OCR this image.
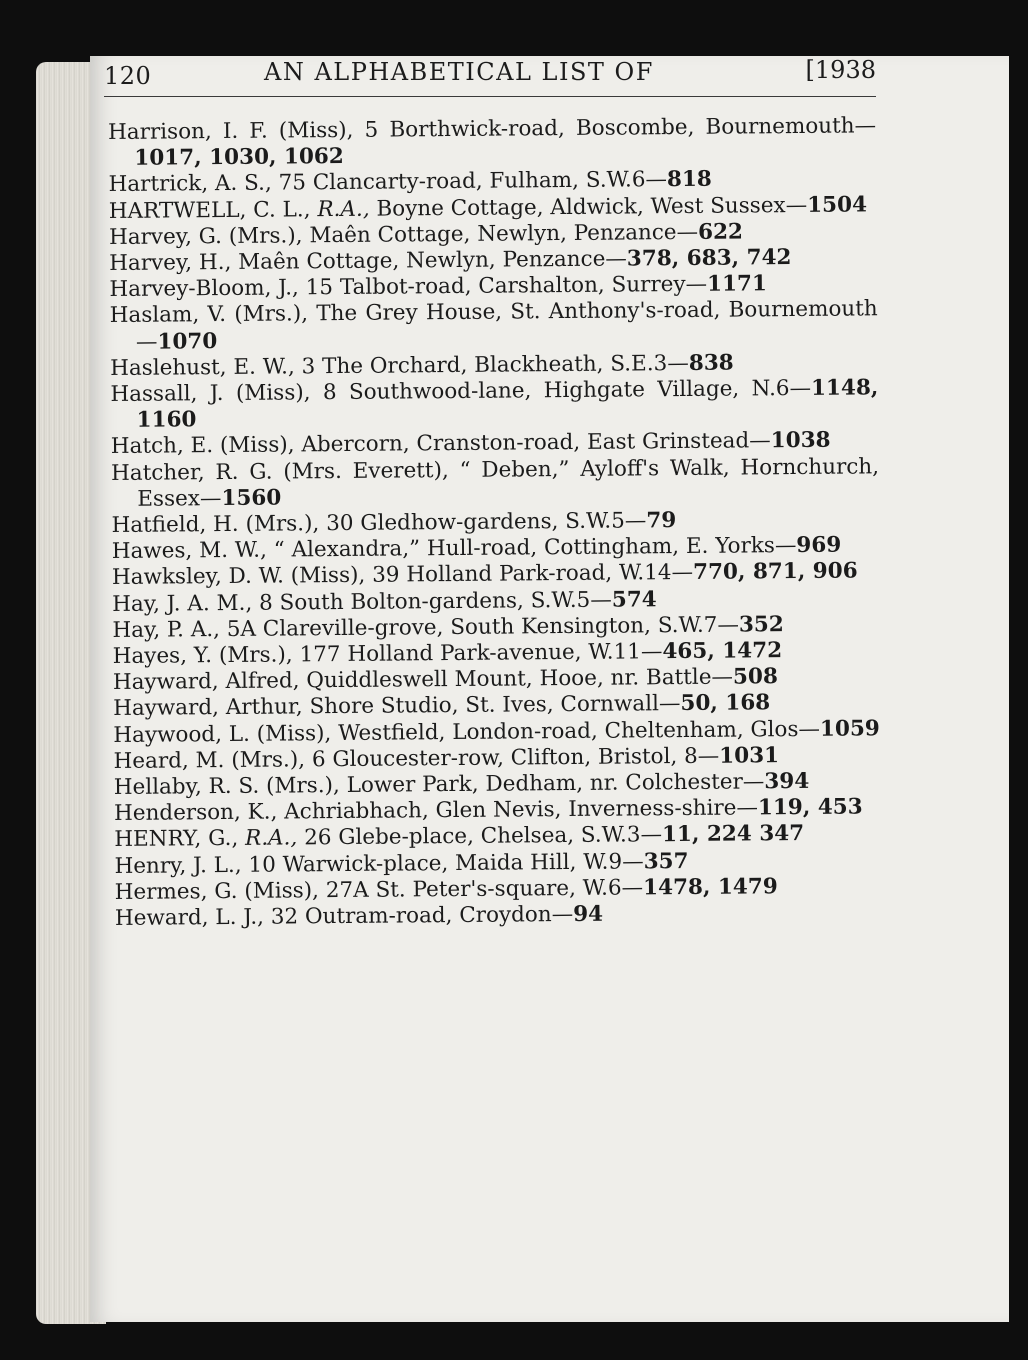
120	AN ALPHABETICAL LIST OF	[1938
Harrison, I. F. (Miss), 5 Borthwick-road, Boscombe, Bournemouth—1017, 1030, 1062
Hartrick, A. S., 75 Clancarty-road, Fulham, S.W.6—818
HARTWELL, C. L., R.A., Boyne Cottage, Aldwick, West Sussex—1504
Harvey, G. (Mrs.), Maên Cottage, Newlyn, Penzance—622
Harvey, H., Maên Cottage, Newlyn, Penzance—378, 683, 742
Harvey-Bloom, J., 15 Talbot-road, Carshalton, Surrey—1171
Haslam, V. (Mrs.), The Grey House, St. Anthony's-road, Bournemouth—1070
Haslehust, E. W., 3 The Orchard, Blackheath, S.E.3—838
Hassall, J. (Miss), 8 Southwood-lane, Highgate Village, N.6—1148, 1160
Hatch, E. (Miss), Abercorn, Cranston-road, East Grinstead—1038
Hatcher, R. G. (Mrs. Everett), “ Deben,” Ayloff's Walk, Hornchurch, Essex—1560
Hatfield, H. (Mrs.), 30 Gledhow-gardens, S.W.5—79
Hawes, M. W., “ Alexandra,” Hull-road, Cottingham, E. Yorks—969
Hawksley, D. W. (Miss), 39 Holland Park-road, W.14—770, 871, 906
Hay, J. A. M., 8 South Bolton-gardens, S.W.5—574
Hay, P. A., 5A Clareville-grove, South Kensington, S.W.7—352
Hayes, Y. (Mrs.), 177 Holland Park-avenue, W.11—465, 1472
Hayward, Alfred, Quiddleswell Mount, Hooe, nr. Battle—508
Hayward, Arthur, Shore Studio, St. Ives, Cornwall—50, 168
Haywood, L. (Miss), Westfield, London-road, Cheltenham, Glos—1059
Heard, M. (Mrs.), 6 Gloucester-row, Clifton, Bristol, 8—1031
Hellaby, R. S. (Mrs.), Lower Park, Dedham, nr. Colchester—394
Henderson, K., Achriabhach, Glen Nevis, Inverness-shire—119, 453
HENRY, G., R.A., 26 Glebe-place, Chelsea, S.W.3—11, 224 347
Henry, J. L., 10 Warwick-place, Maida Hill, W.9—357
Hermes, G. (Miss), 27A St. Peter's-square, W.6—1478, 1479
Heward, L. J., 32 Outram-road, Croydon—94
